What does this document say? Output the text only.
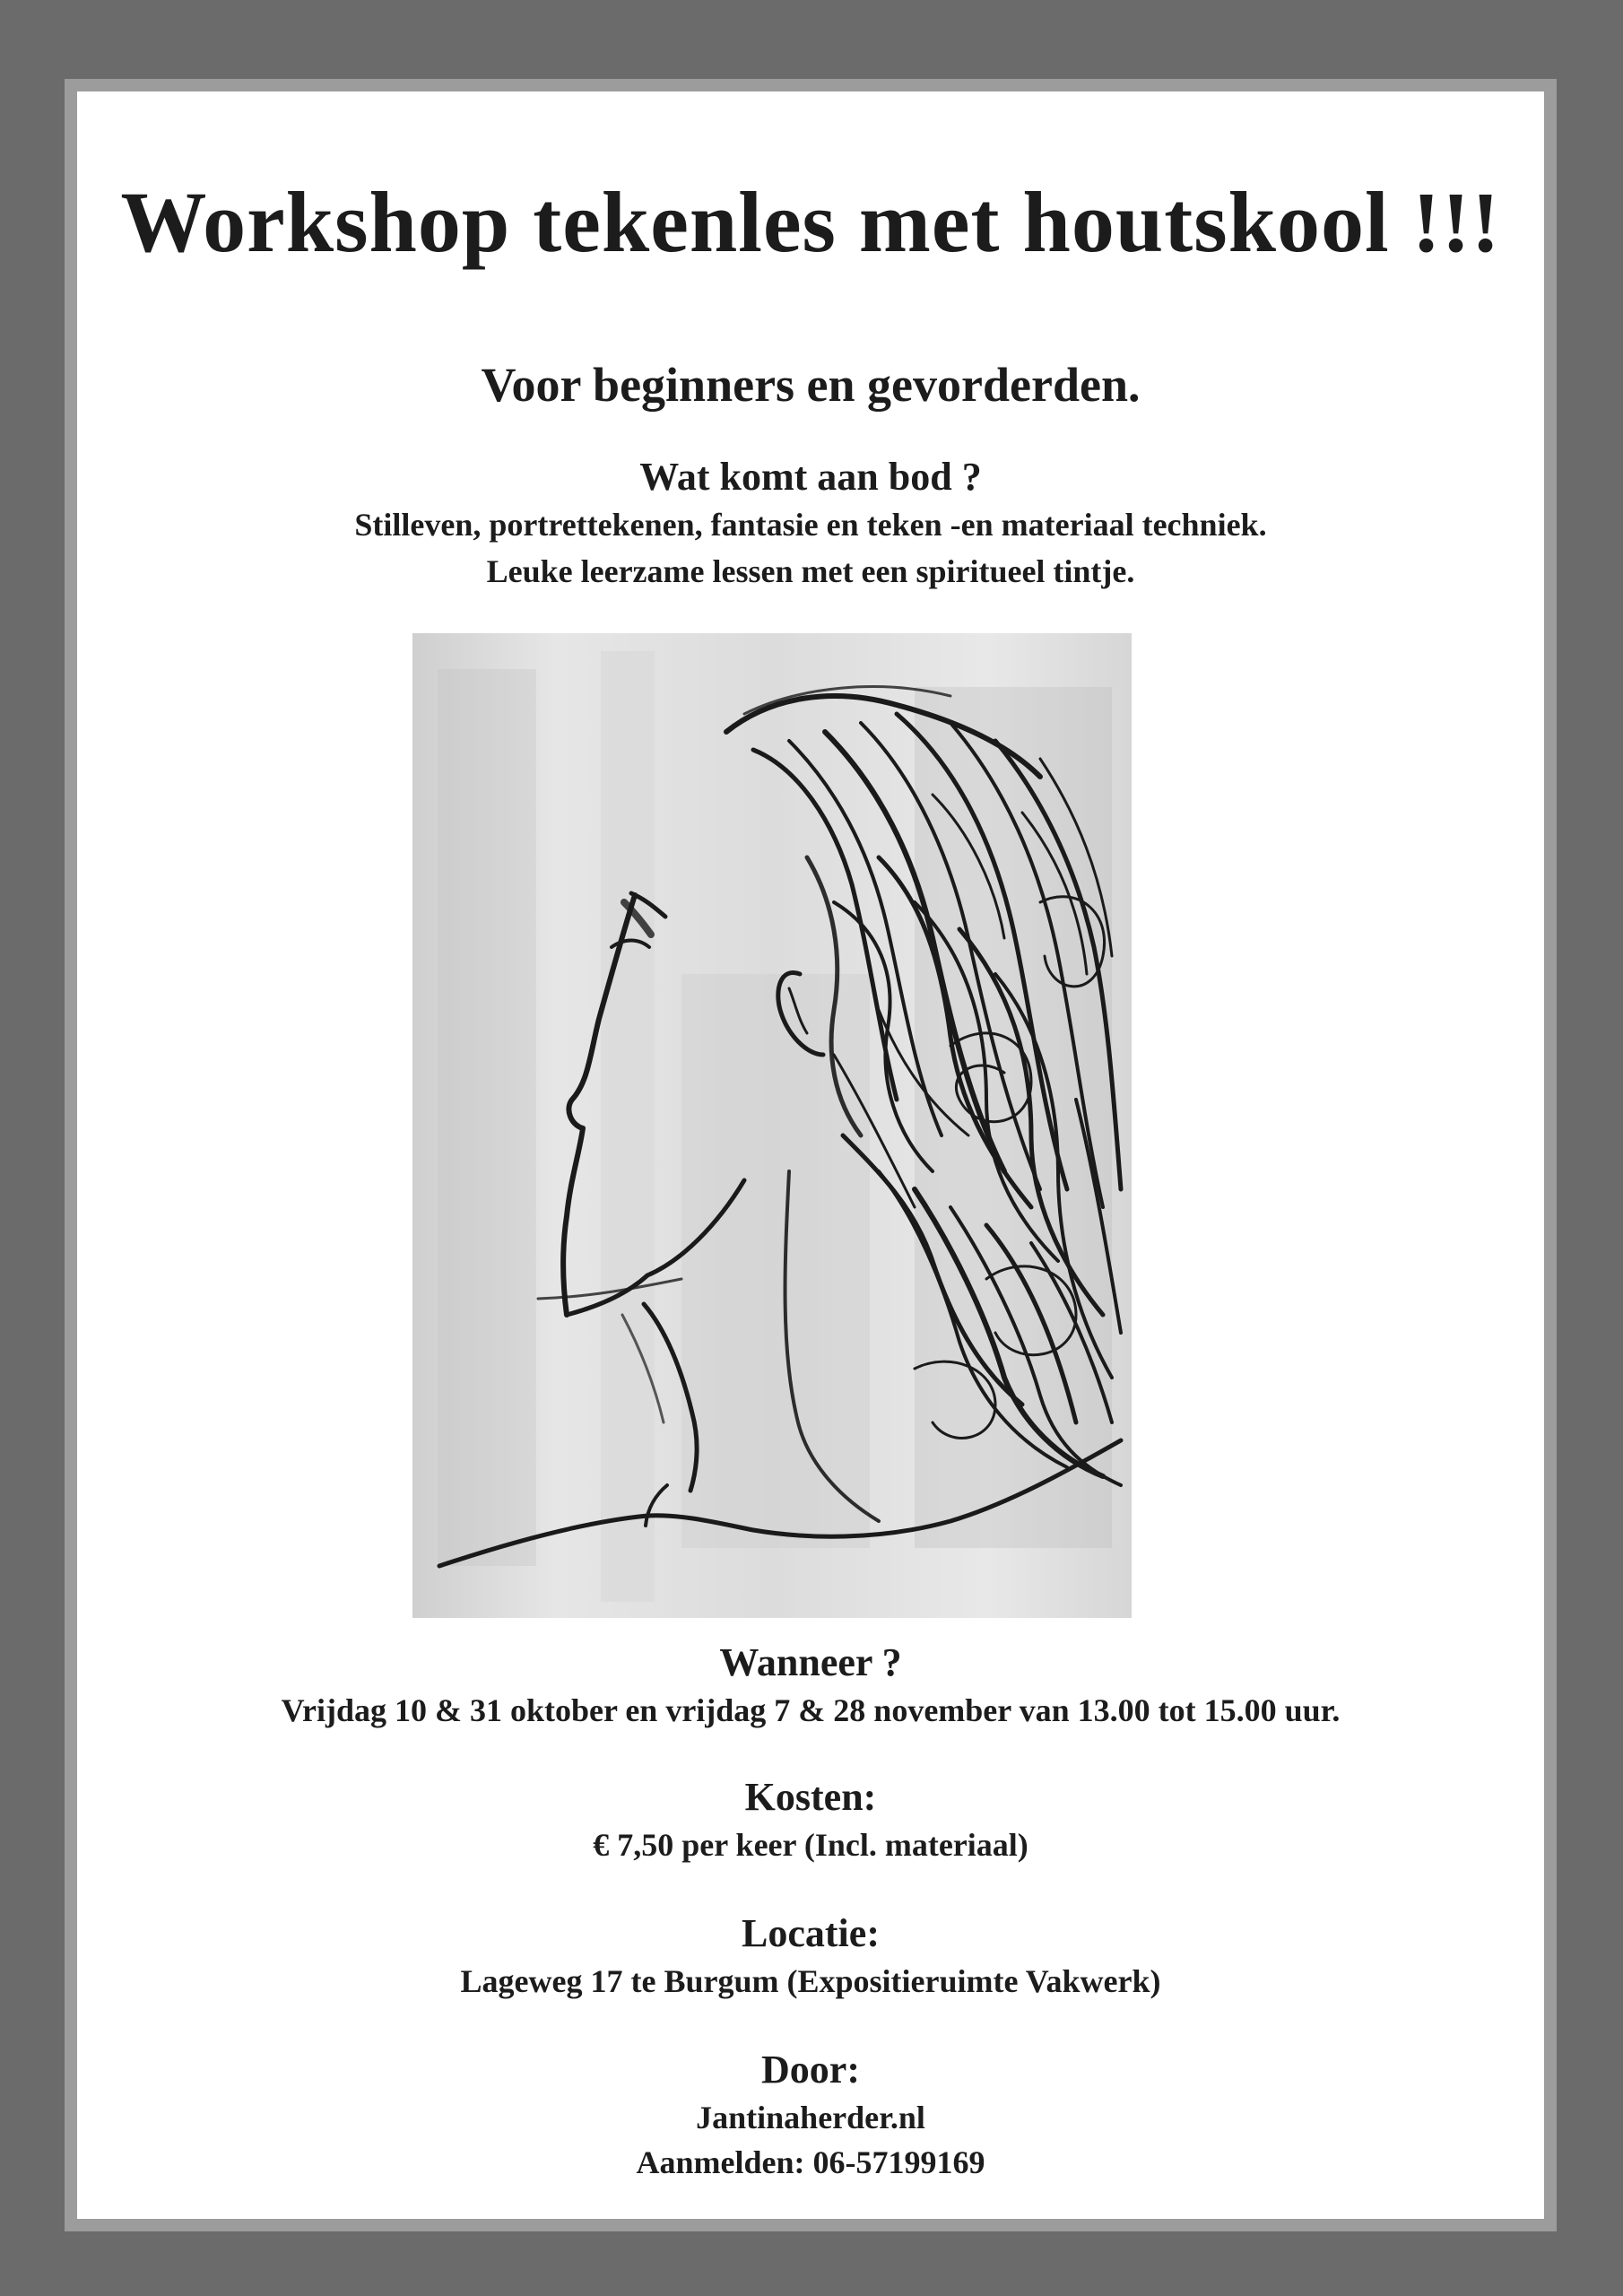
Workshop tekenles met houtskool !!!
Voor beginners en gevorderden.
Wat komt aan bod ?
Stilleven, portrettekenen, fantasie en teken -en materiaal techniek.
Leuke leerzame lessen met een spiritueel tintje.
Wanneer ?
Vrijdag 10 & 31 oktober en vrijdag 7 & 28 november van 13.00 tot 15.00 uur.
Kosten:
€ 7,50 per keer (Incl. materiaal)
Locatie:
Lageweg 17 te Burgum (Expositieruimte Vakwerk)
Door:
Jantinaherder.nl
Aanmelden: 06-57199169
